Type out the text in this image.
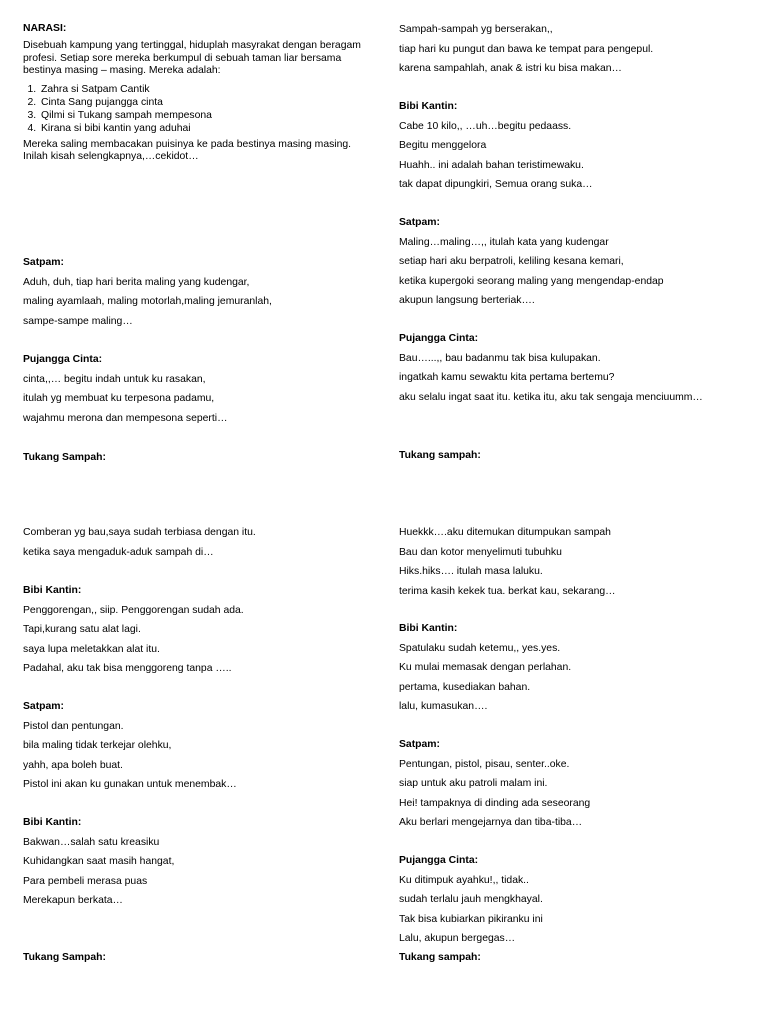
NARASI:
Disebuah kampung yang tertinggal, hiduplah masyrakat dengan beragam profesi. Setiap sore mereka berkumpul di sebuah taman liar bersama bestinya masing – masing. Mereka adalah:
1. Zahra si Satpam Cantik
2. Cinta Sang pujangga cinta
3. Qilmi si Tukang sampah mempesona
4. Kirana si bibi kantin yang aduhai
Mereka saling membacakan puisinya ke pada bestinya masing masing. Inilah kisah selengkapnya,…cekidot…
Satpam:
Aduh, duh, tiap hari berita maling yang kudengar,
maling ayamlaah, maling motorlah,maling jemuranlah,
sampe-sampe maling…
Pujangga Cinta:
cinta,,… begitu indah untuk ku rasakan,
itulah yg membuat ku terpesona padamu,
wajahmu merona dan mempesona seperti…
Tukang Sampah:
Comberan yg bau,saya sudah terbiasa dengan itu.
ketika saya mengaduk-aduk sampah di…
Bibi Kantin:
Penggorengan,, siip. Penggorengan sudah ada.
Tapi,kurang satu alat lagi.
saya lupa meletakkan alat itu.
Padahal, aku tak bisa menggoreng tanpa …..
Satpam:
Pistol dan pentungan.
bila maling tidak terkejar olehku,
yahh, apa boleh buat.
Pistol ini akan ku gunakan untuk menembak…
Bibi Kantin:
Bakwan…salah satu kreasiku
Kuhidangkan saat masih hangat,
Para pembeli merasa puas
Merekapun berkata…
Tukang Sampah:
Sampah-sampah yg berserakan,,
tiap hari ku pungut dan bawa ke tempat para pengepul.
karena sampahlah, anak & istri ku bisa makan…
Bibi Kantin:
Cabe 10 kilo,, …uh…begitu pedaass.
Begitu menggelora
Huahh.. ini adalah bahan teristimewaku.
tak dapat dipungkiri, Semua orang suka…
Satpam:
Maling…maling…,, itulah kata yang kudengar
setiap hari aku berpatroli, keliling kesana kemari,
ketika kupergoki seorang maling yang mengendap-endap
akupun langsung berteriak….
Pujangga Cinta:
Bau…...,, bau badanmu tak bisa kulupakan.
ingatkah kamu sewaktu kita pertama bertemu?
aku selalu ingat saat itu. ketika itu, aku tak sengaja menciuumm…
Tukang sampah:
Huekkk….aku ditemukan ditumpukan sampah
Bau dan kotor menyelimuti tubuhku
Hiks.hiks…. itulah masa laluku.
terima kasih kekek tua. berkat kau, sekarang…
Bibi Kantin:
Spatulaku sudah ketemu,, yes.yes.
Ku mulai memasak dengan perlahan.
pertama, kusediakan bahan.
lalu, kumasukan….
Satpam:
Pentungan, pistol, pisau, senter..oke.
siap untuk aku patroli malam ini.
Hei! tampaknya di dinding ada seseorang
Aku berlari mengejarnya dan tiba-tiba…
Pujangga Cinta:
Ku ditimpuk ayahku!,, tidak..
sudah terlalu jauh mengkhayal.
Tak bisa kubiarkan pikiranku ini
Lalu, akupun bergegas…
Tukang sampah:
